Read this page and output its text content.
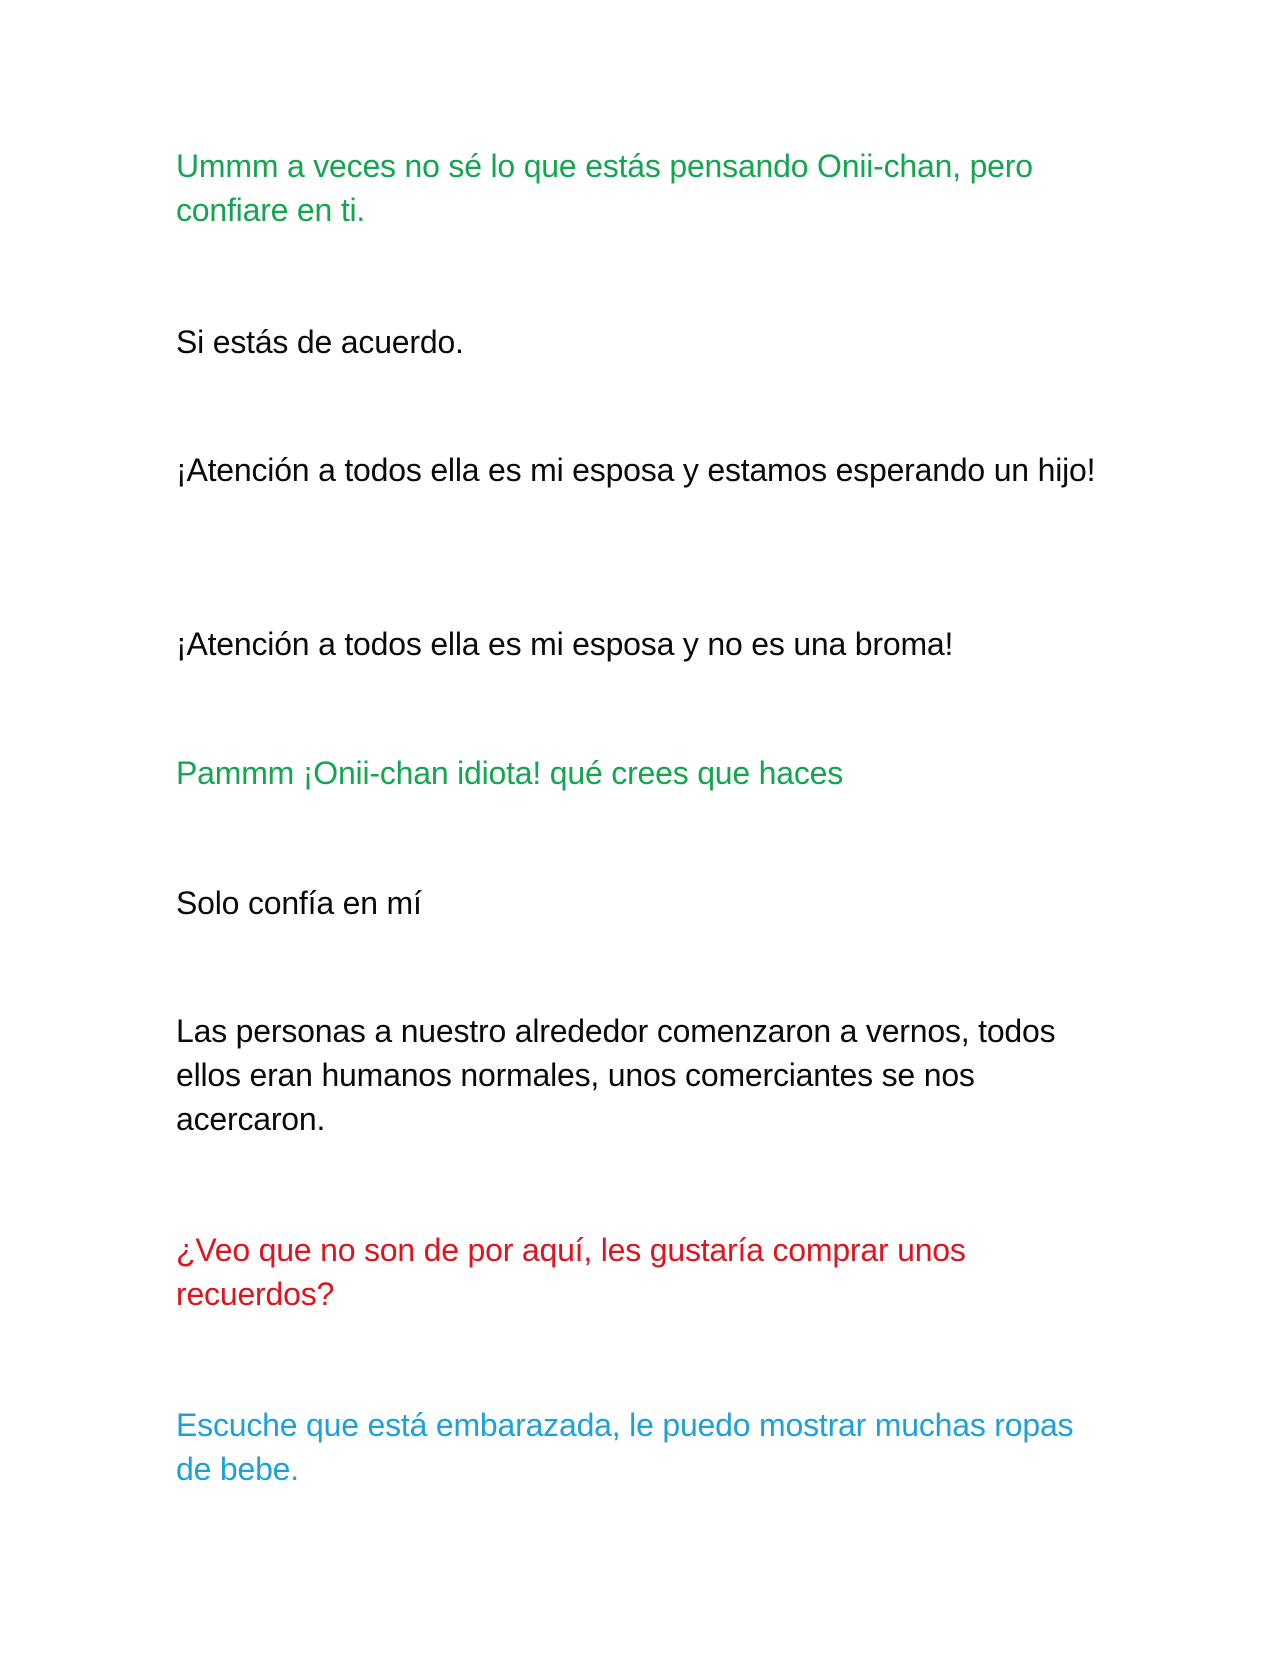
Ummm a veces no sé lo que estás pensando Onii-chan, pero confiare en ti.

Si estás de acuerdo.

¡Atención a todos ella es mi esposa y estamos esperando un hijo!

¡Atención a todos ella es mi esposa y no es una broma!

Pammm ¡Onii-chan idiota! qué crees que haces

Solo confía en mí

Las personas a nuestro alrededor comenzaron a vernos, todos ellos eran humanos normales, unos comerciantes se nos acercaron.

¿Veo que no son de por aquí, les gustaría comprar unos recuerdos?

Escuche que está embarazada, le puedo mostrar muchas ropas de bebe.
